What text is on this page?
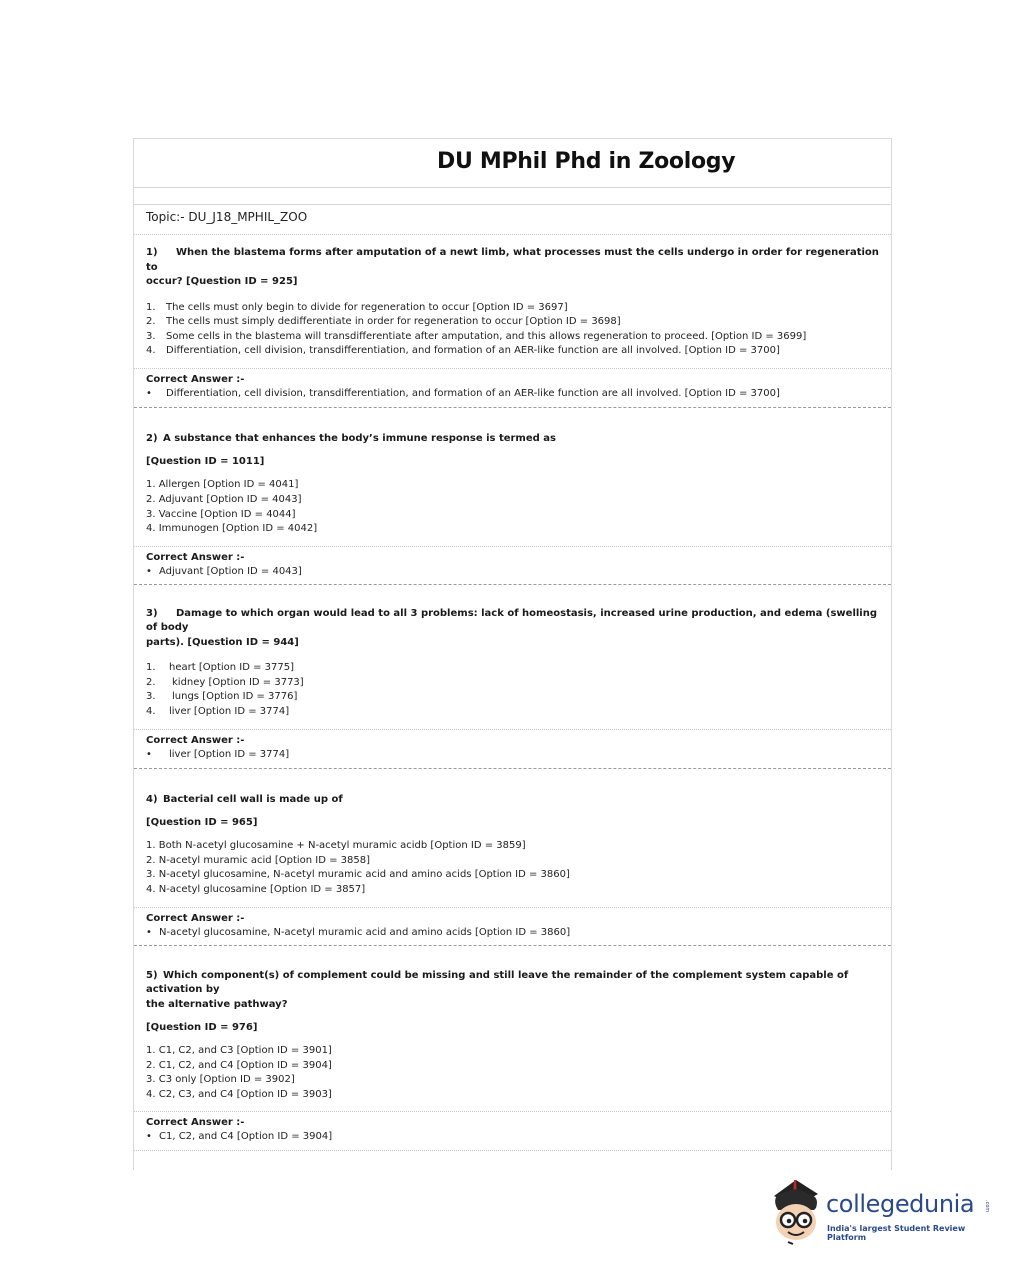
DU MPhil Phd in Zoology
Topic:- DU_J18_MPHIL_ZOO

1) When the blastema forms after amputation of a newt limb, what processes must the cells undergo in order for regeneration to
occur? [Question ID = 925]

1. The cells must only begin to divide for regeneration to occur [Option ID = 3697]
2. The cells must simply dedifferentiate in order for regeneration to occur [Option ID = 3698]
3. Some cells in the blastema will transdifferentiate after amputation, and this allows regeneration to proceed. [Option ID = 3699]
4. Differentiation, cell division, transdifferentiation, and formation of an AER-like function are all involved. [Option ID = 3700]

Correct Answer :-

• Differentiation, cell division, transdifferentiation, and formation of an AER-like function are all involved. [Option ID = 3700]

2) A substance that enhances the body’s immune response is termed as

[Question ID = 1011]

1. Allergen [Option ID = 4041]
2. Adjuvant [Option ID = 4043]
3. Vaccine [Option ID = 4044]
4. Immunogen [Option ID = 4042]

Correct Answer :-

• Adjuvant [Option ID = 4043]

3) Damage to which organ would lead to all 3 problems: lack of homeostasis, increased urine production, and edema (swelling of body
parts). [Question ID = 944]

1. heart [Option ID = 3775]
2. kidney [Option ID = 3773]
3. lungs [Option ID = 3776]
4. liver [Option ID = 3774]

Correct Answer :-

• liver [Option ID = 3774]

4) Bacterial cell wall is made up of

[Question ID = 965]

1. Both N-acetyl glucosamine + N-acetyl muramic acidb [Option ID = 3859]
2. N-acetyl muramic acid [Option ID = 3858]
3. N-acetyl glucosamine, N-acetyl muramic acid and amino acids [Option ID = 3860]
4. N-acetyl glucosamine [Option ID = 3857]

Correct Answer :-

• N-acetyl glucosamine, N-acetyl muramic acid and amino acids [Option ID = 3860]

5) Which component(s) of complement could be missing and still leave the remainder of the complement system capable of activation by
the alternative pathway?

[Question ID = 976]

1. C1, C2, and C3 [Option ID = 3901]
2. C1, C2, and C4 [Option ID = 3904]
3. C3 only [Option ID = 3902]
4. C2, C3, and C4 [Option ID = 3903]

Correct Answer :-

• C1, C2, and C4 [Option ID = 3904]

collegedunia .com
India's largest Student Review Platform
